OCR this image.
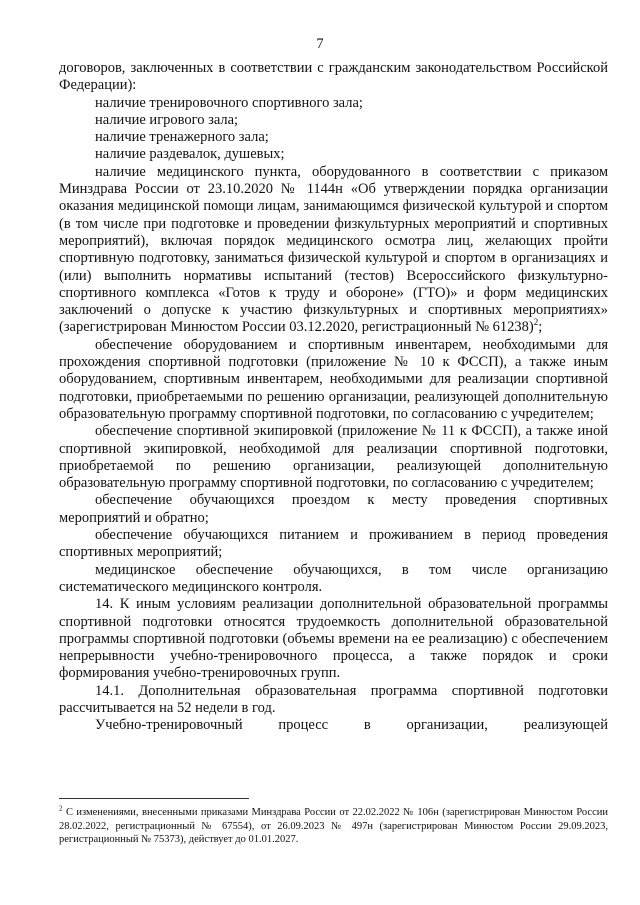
7

договоров, заключенных в соответствии с гражданским законодательством Российской Федерации):

наличие тренировочного спортивного зала;

наличие игрового зала;

наличие тренажерного зала;

наличие раздевалок, душевых;

наличие медицинского пункта, оборудованного в соответствии с приказом Минздрава России от 23.10.2020 № 1144н «Об утверждении порядка организации оказания медицинской помощи лицам, занимающимся физической культурой и спортом (в том числе при подготовке и проведении физкультурных мероприятий и спортивных мероприятий), включая порядок медицинского осмотра лиц, желающих пройти спортивную подготовку, заниматься физической культурой и спортом в организациях и (или) выполнить нормативы испытаний (тестов) Всероссийского физкультурно-спортивного комплекса «Готов к труду и обороне» (ГТО)» и форм медицинских заключений о допуске к участию физкультурных и спортивных мероприятиях» (зарегистрирован Минюстом России 03.12.2020, регистрационный № 61238)$^2$;

обеспечение оборудованием и спортивным инвентарем, необходимыми для прохождения спортивной подготовки (приложение № 10 к ФССП), а также иным оборудованием, спортивным инвентарем, необходимыми для реализации спортивной подготовки, приобретаемыми по решению организации, реализующей дополнительную образовательную программу спортивной подготовки, по согласованию с учредителем;

обеспечение спортивной экипировкой (приложение № 11 к ФССП), а также иной спортивной экипировкой, необходимой для реализации спортивной подготовки, приобретаемой по решению организации, реализующей дополнительную образовательную программу спортивной подготовки, по согласованию с учредителем;

обеспечение обучающихся проездом к месту проведения спортивных мероприятий и обратно;

обеспечение обучающихся питанием и проживанием в период проведения спортивных мероприятий;

медицинское обеспечение обучающихся, в том числе организацию систематического медицинского контроля.

14. К иным условиям реализации дополнительной образовательной программы спортивной подготовки относятся трудоемкость дополнительной образовательной программы спортивной подготовки (объемы времени на ее реализацию) с обеспечением непрерывности учебно-тренировочного процесса, а также порядок и сроки формирования учебно-тренировочных групп.

14.1. Дополнительная образовательная программа спортивной подготовки рассчитывается на 52 недели в год.

Учебно-тренировочный процесс в организации, реализующей

$^2$ С изменениями, внесенными приказами Минздрава России от 22.02.2022 № 106н (зарегистрирован Минюстом России 28.02.2022, регистрационный № 67554), от 26.09.2023 № 497н (зарегистрирован Минюстом России 29.09.2023, регистрационный № 75373), действует до 01.01.2027.
